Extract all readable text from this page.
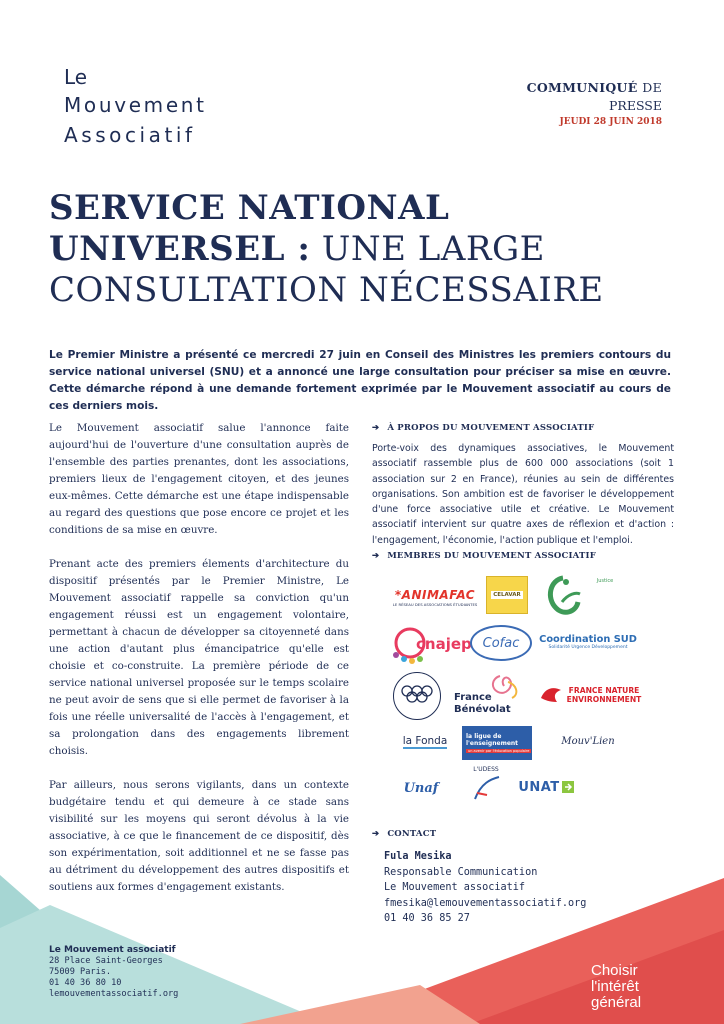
Le
Mouvement
Associatif
COMMUNIQUÉ DE
PRESSE
JEUDI 28 JUIN 2018
SERVICE NATIONAL
UNIVERSEL : UNE LARGE
CONSULTATION NÉCESSAIRE
Le Premier Ministre a présenté ce mercredi 27 juin en Conseil des Ministres les premiers contours du service national universel (SNU) et a annoncé une large consultation pour préciser sa mise en œuvre. Cette démarche répond à une demande fortement exprimée par le Mouvement associatif au cours de ces derniers mois.

Le Mouvement associatif salue l'annonce faite aujourd'hui de l'ouverture d'une consultation auprès de l'ensemble des parties prenantes, dont les associations, premiers lieux de l'engagement citoyen, et des jeunes eux-mêmes. Cette démarche est une étape indispensable au regard des questions que pose encore ce projet et les conditions de sa mise en œuvre.

Prenant acte des premiers élements d'architecture du dispositif présentés par le Premier Ministre, Le Mouvement associatif rappelle sa conviction qu'un engagement réussi est un engagement volontaire, permettant à chacun de développer sa citoyenneté dans une action d'autant plus émancipatrice qu'elle est choisie et co-construite. La première période de ce service national universel proposée sur le temps scolaire ne peut avoir de sens que si elle permet de favoriser à la fois une réelle universalité de l'accès à l'engagement, et sa prolongation dans des engagements librement choisis.

Par ailleurs, nous serons vigilants, dans un contexte budgétaire tendu et qui demeure à ce stade sans visibilité sur les moyens qui seront dévolus à la vie associative, à ce que le financement de ce dispositif, dès son expérimentation, soit additionnel et ne se fasse pas au détriment du développement des autres dispositifs et soutiens aux formes d'engagement existants.

➔ À PROPOS DU MOUVEMENT ASSOCIATIF
Porte-voix des dynamiques associatives, le Mouvement associatif rassemble plus de 600 000 associations (soit 1 association sur 2 en France), réunies au sein de différentes organisations. Son ambition est de favoriser le développement d'une force associative utile et créative. Le Mouvement associatif intervient sur quatre axes de réflexion et d'action : l'engagement, l'économie, l'action publique et l'emploi.
➔ MEMBRES DU MOUVEMENT ASSOCIATIF
*ANIMAFAC
LE RÉSEAU DES ASSOCIATIONS ÉTUDIANTES
CELAVAR
Justice
cnajep Cofac Coordination SUD
Solidarité Urgence Développement
France
Bénévolat
FRANCE NATURE
ENVIRONNEMENT
la Fonda	la ligue de
l'enseignement
un avenir par l'éducation populaire
Mouv'Lien
Unaf
L'UDESS
UNAT
➔ CONTACT
Fula Mesika
Responsable Communication
Le Mouvement associatif
fmesika@lemouvementassociatif.org
01 40 36 85 27
Le Mouvement associatif
28 Place Saint-Georges
75009 Paris.
01 40 36 80 10
lemouvementassociatif.org
Choisir
l'intérêt
général
